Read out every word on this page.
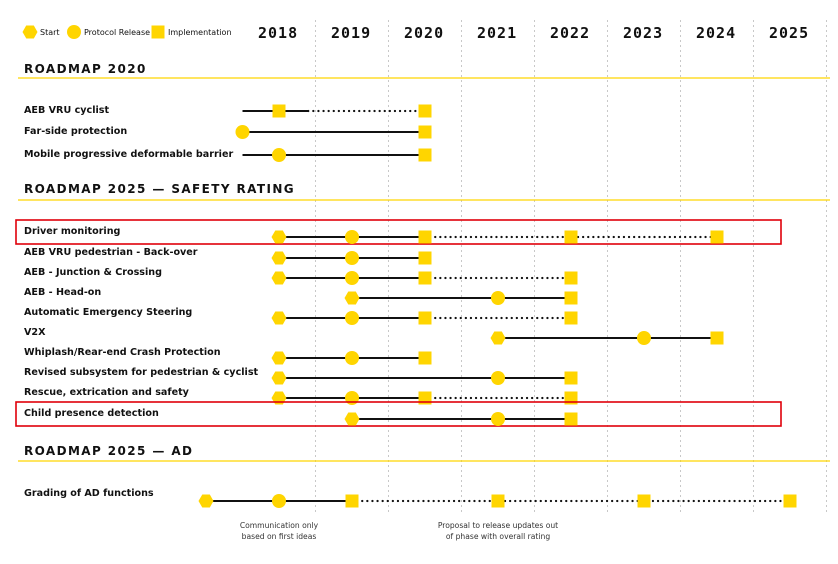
Start	Protocol Release Implementation 2018 2019 2020 2021 2022 2023 2024 2025
ROADMAP 2020
AEB VRU cyclist
Far-side protection
Mobile progressive deformable barrier
ROADMAP 2025 — SAFETY RATING
Driver monitoring
AEB VRU pedestrian - Back-over
AEB - Junction & Crossing
AEB - Head-on
Automatic Emergency Steering
V2X
Whiplash/Rear-end Crash Protection
Revised subsystem for pedestrian & cyclist
Rescue, extrication and safety
Child presence detection
ROADMAP 2025 — AD
Grading of AD functions
Communication only
based on first ideas
Proposal to release updates out
of phase with overall rating
